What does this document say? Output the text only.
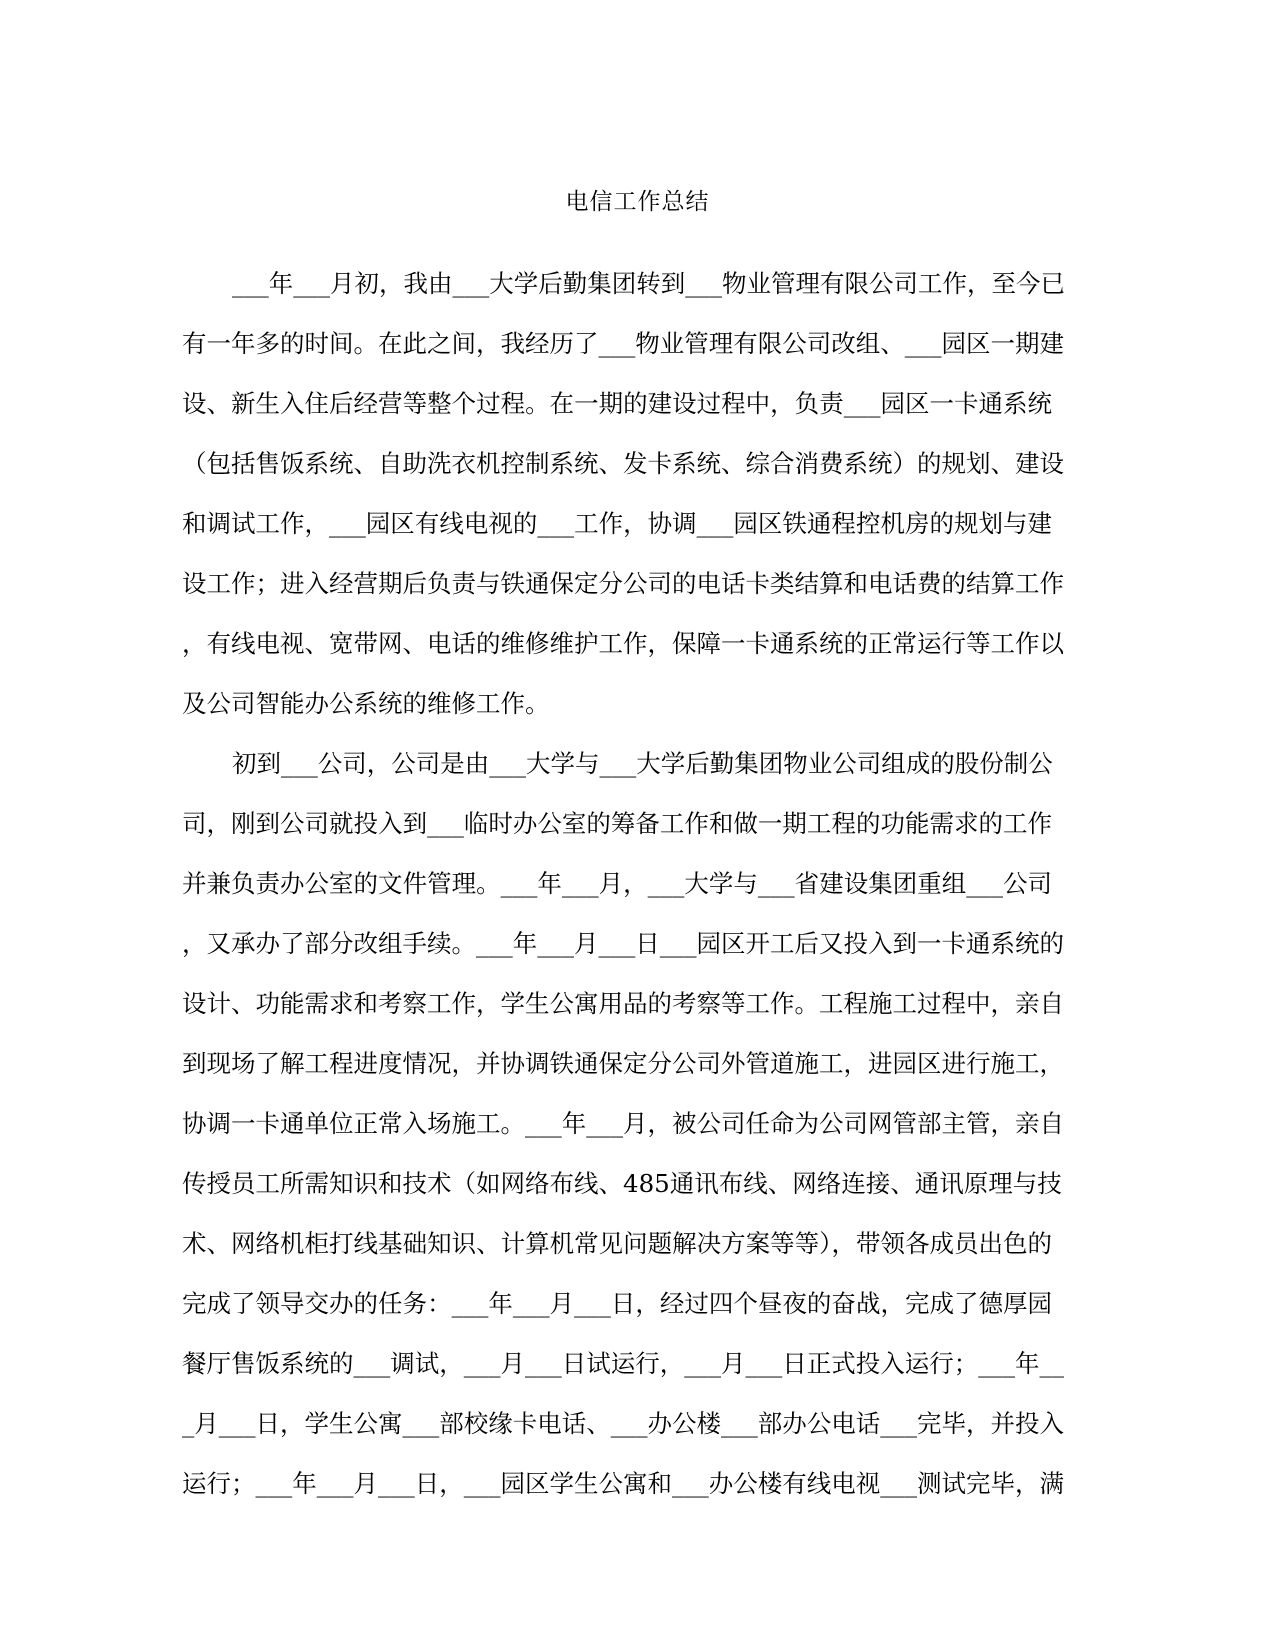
电信工作总结
___年___月初，我由___大学后勤集团转到___物业管理有限公司工作，至今已
有一年多的时间。在此之间，我经历了___物业管理有限公司改组、___园区一期建
设、新生入住后经营等整个过程。在一期的建设过程中，负责___园区一卡通系统
（包括售饭系统、自助洗衣机控制系统、发卡系统、综合消费系统）的规划、建设
和调试工作，___园区有线电视的___工作，协调___园区铁通程控机房的规划与建
设工作；进入经营期后负责与铁通保定分公司的电话卡类结算和电话费的结算工作
，有线电视、宽带网、电话的维修维护工作，保障一卡通系统的正常运行等工作以
及公司智能办公系统的维修工作。
初到___公司，公司是由___大学与___大学后勤集团物业公司组成的股份制公
司，刚到公司就投入到___临时办公室的筹备工作和做一期工程的功能需求的工作
并兼负责办公室的文件管理。___年___月，___大学与___省建设集团重组___公司
，又承办了部分改组手续。___年___月___日___园区开工后又投入到一卡通系统的
设计、功能需求和考察工作，学生公寓用品的考察等工作。工程施工过程中，亲自
到现场了解工程进度情况，并协调铁通保定分公司外管道施工，进园区进行施工，
协调一卡通单位正常入场施工。___年___月，被公司任命为公司网管部主管，亲自
传授员工所需知识和技术（如网络布线、485通讯布线、网络连接、通讯原理与技
术、网络机柜打线基础知识、计算机常见问题解决方案等等），带领各成员出色的
完成了领导交办的任务：___年___月___日，经过四个昼夜的奋战，完成了德厚园
餐厅售饭系统的___调试，___月___日试运行，___月___日正式投入运行；___年__
_月___日，学生公寓___部校缘卡电话、___办公楼___部办公电话___完毕，并投入
运行；___年___月___日，___园区学生公寓和___办公楼有线电视___测试完毕，满
